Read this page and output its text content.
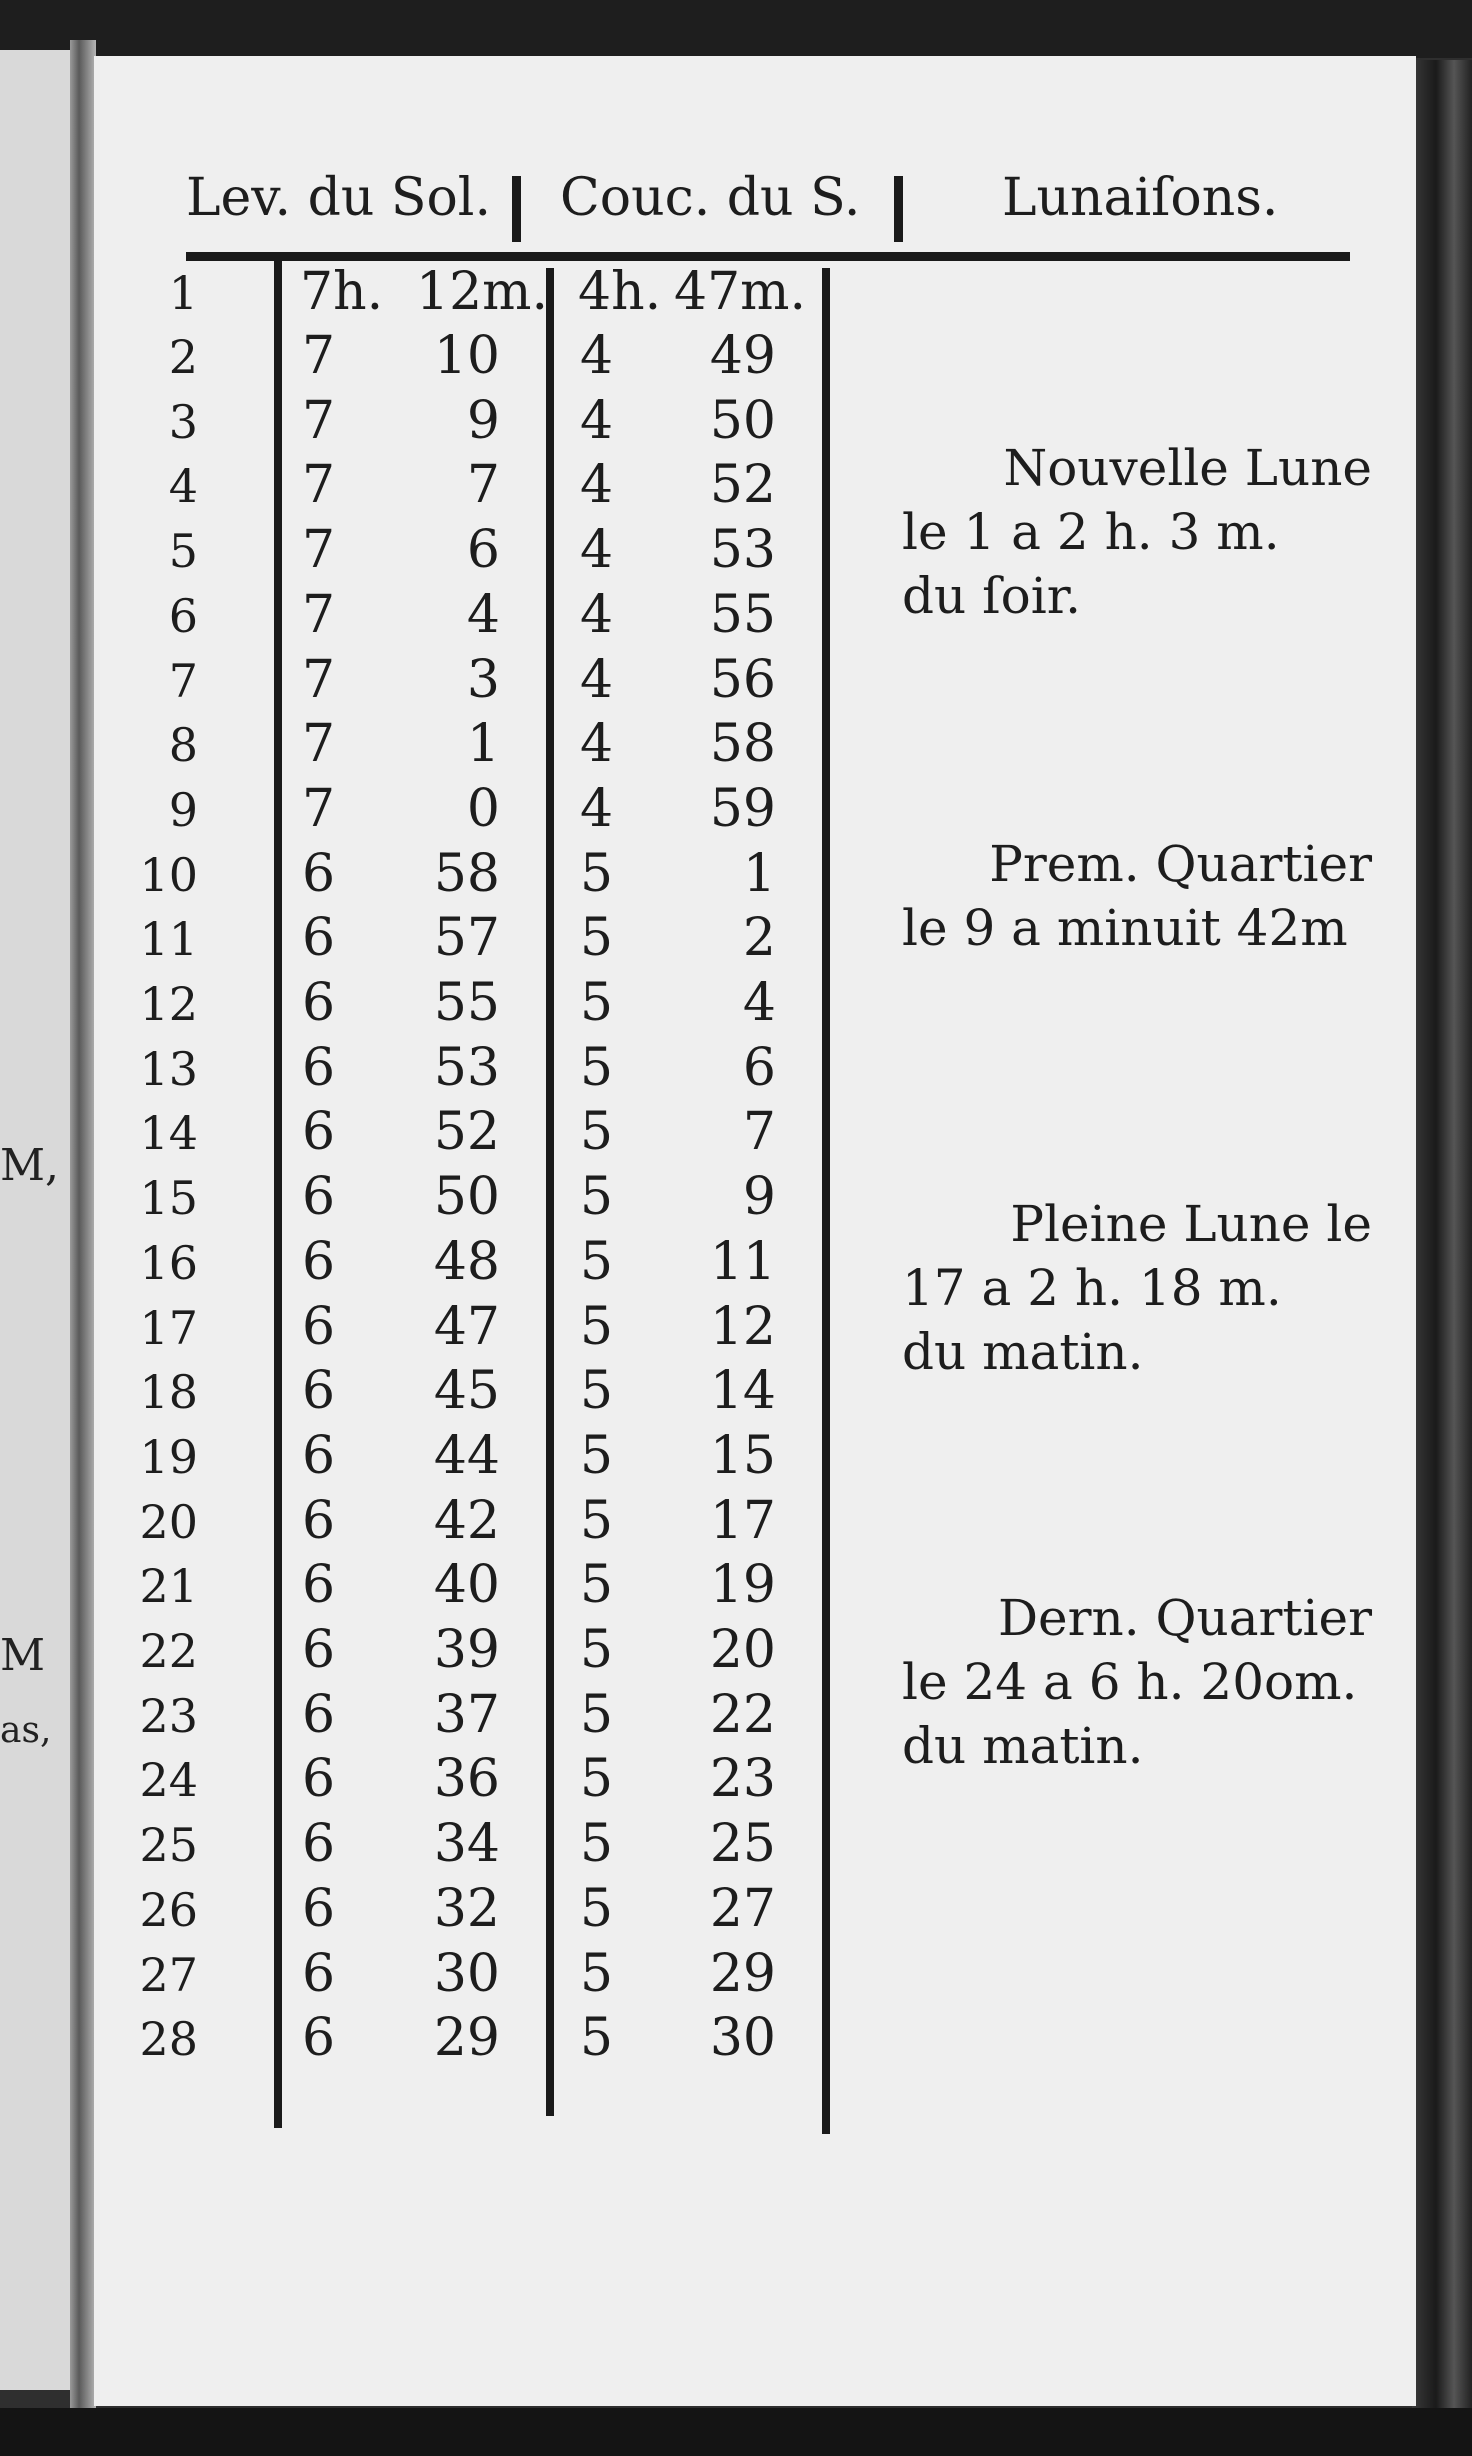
M,
M
as,
Lev. du Sol. Couc. du S.	Lunaiſons.
1 7h. 12m. 4h. 47m.
2 7	10 4	49
3 7	9 4	50
4 7	7 4	52
5 7	6 4	53
6 7	4 4	55
7 7	3 4	56
8 7	1 4	58
9 7	0 4	59
10 6	58 5	1
11 6	57 5	2
12 6	55 5	4
13 6	53 5	6
14 6	52 5	7
15 6	50 5	9
16 6	48 5	11
17 6	47 5	12
18 6	45 5	14
19 6	44 5	15
20 6	42 5	17
21 6	40 5	19
22 6	39 5	20
23 6	37 5	22
24 6	36 5	23
25 6	34 5	25
26 6	32 5	27
27 6	30 5	29
28 6	29 5	30
Nouvelle Lune
le 1 a 2 h. 3 m.
du ſoir.
Prem. Quartier
le 9 a minuit 42m
Pleine Lune le
17 a 2 h. 18 m.
du matin.
Dern. Quartier
le 24 a 6 h. 20om.
du matin.
